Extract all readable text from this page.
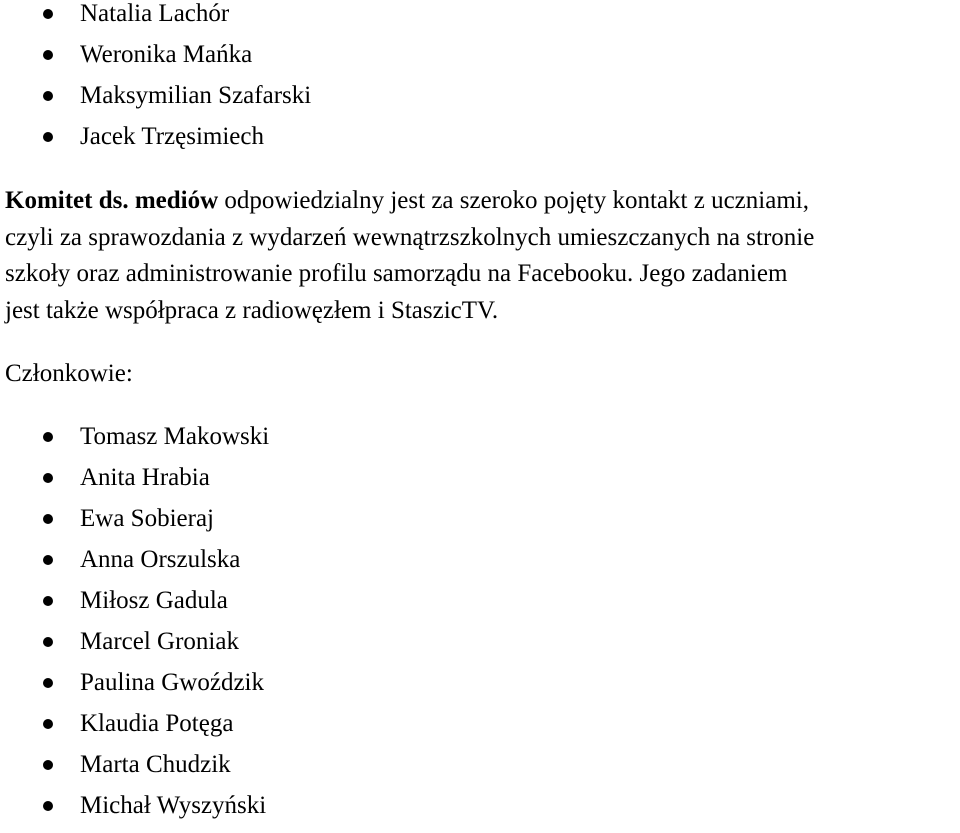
Natalia Lachór
Weronika Mańka
Maksymilian Szafarski
Jacek Trzęsimiech

Komitet ds. mediów odpowiedzialny jest za szeroko pojęty kontakt z uczniami,
czyli za sprawozdania z wydarzeń wewnątrzszkolnych umieszczanych na stronie
szkoły oraz administrowanie profilu samorządu na Facebooku. Jego zadaniem
jest także współpraca z radiowęzłem i StaszicTV.

Członkowie:

Tomasz Makowski
Anita Hrabia
Ewa Sobieraj
Anna Orszulska
Miłosz Gadula
Marcel Groniak
Paulina Gwoździk
Klaudia Potęga
Marta Chudzik
Michał Wyszyński
